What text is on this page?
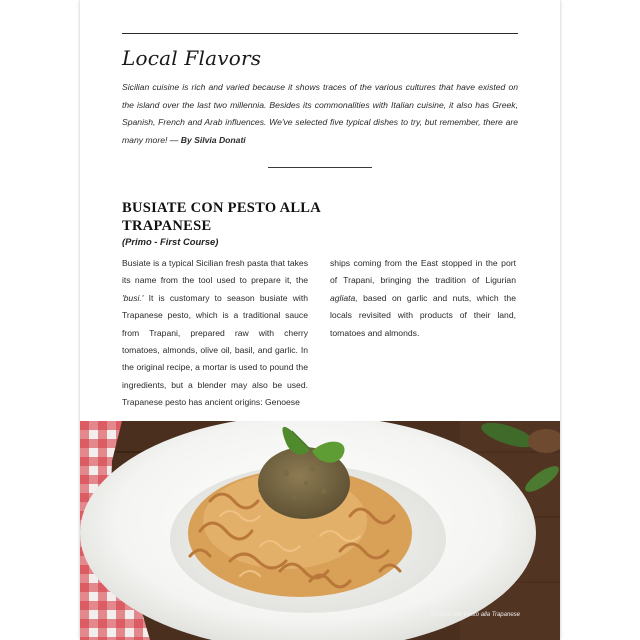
Local Flavors

Sicilian cuisine is rich and varied because it shows traces of the various cultures that have existed on the island over the last two millennia. Besides its commonalities with Italian cuisine, it also has Greek, Spanish, French and Arab influences. We've selected five typical dishes to try, but remember, there are many more! — By Silvia Donati

BUSIATE CON PESTO ALLA TRAPANESE

(Primo - First Course)

Busiate is a typical Sicilian fresh pasta that takes its name from the tool used to prepare it, the 'busi.' It is customary to season busiate with Trapanese pesto, which is a traditional sauce from Trapani, prepared raw with cherry tomatoes, almonds, olive oil, basil, and garlic. In the original recipe, a mortar is used to pound the ingredients, but a blender may also be used. Trapanese pesto has ancient origins: Genoese

ships coming from the East stopped in the port of Trapani, bringing the tradition of Ligurian agliata, based on garlic and nuts, which the locals revisited with products of their land, tomatoes and almonds.

Busiate con Pesto alla Trapanese
